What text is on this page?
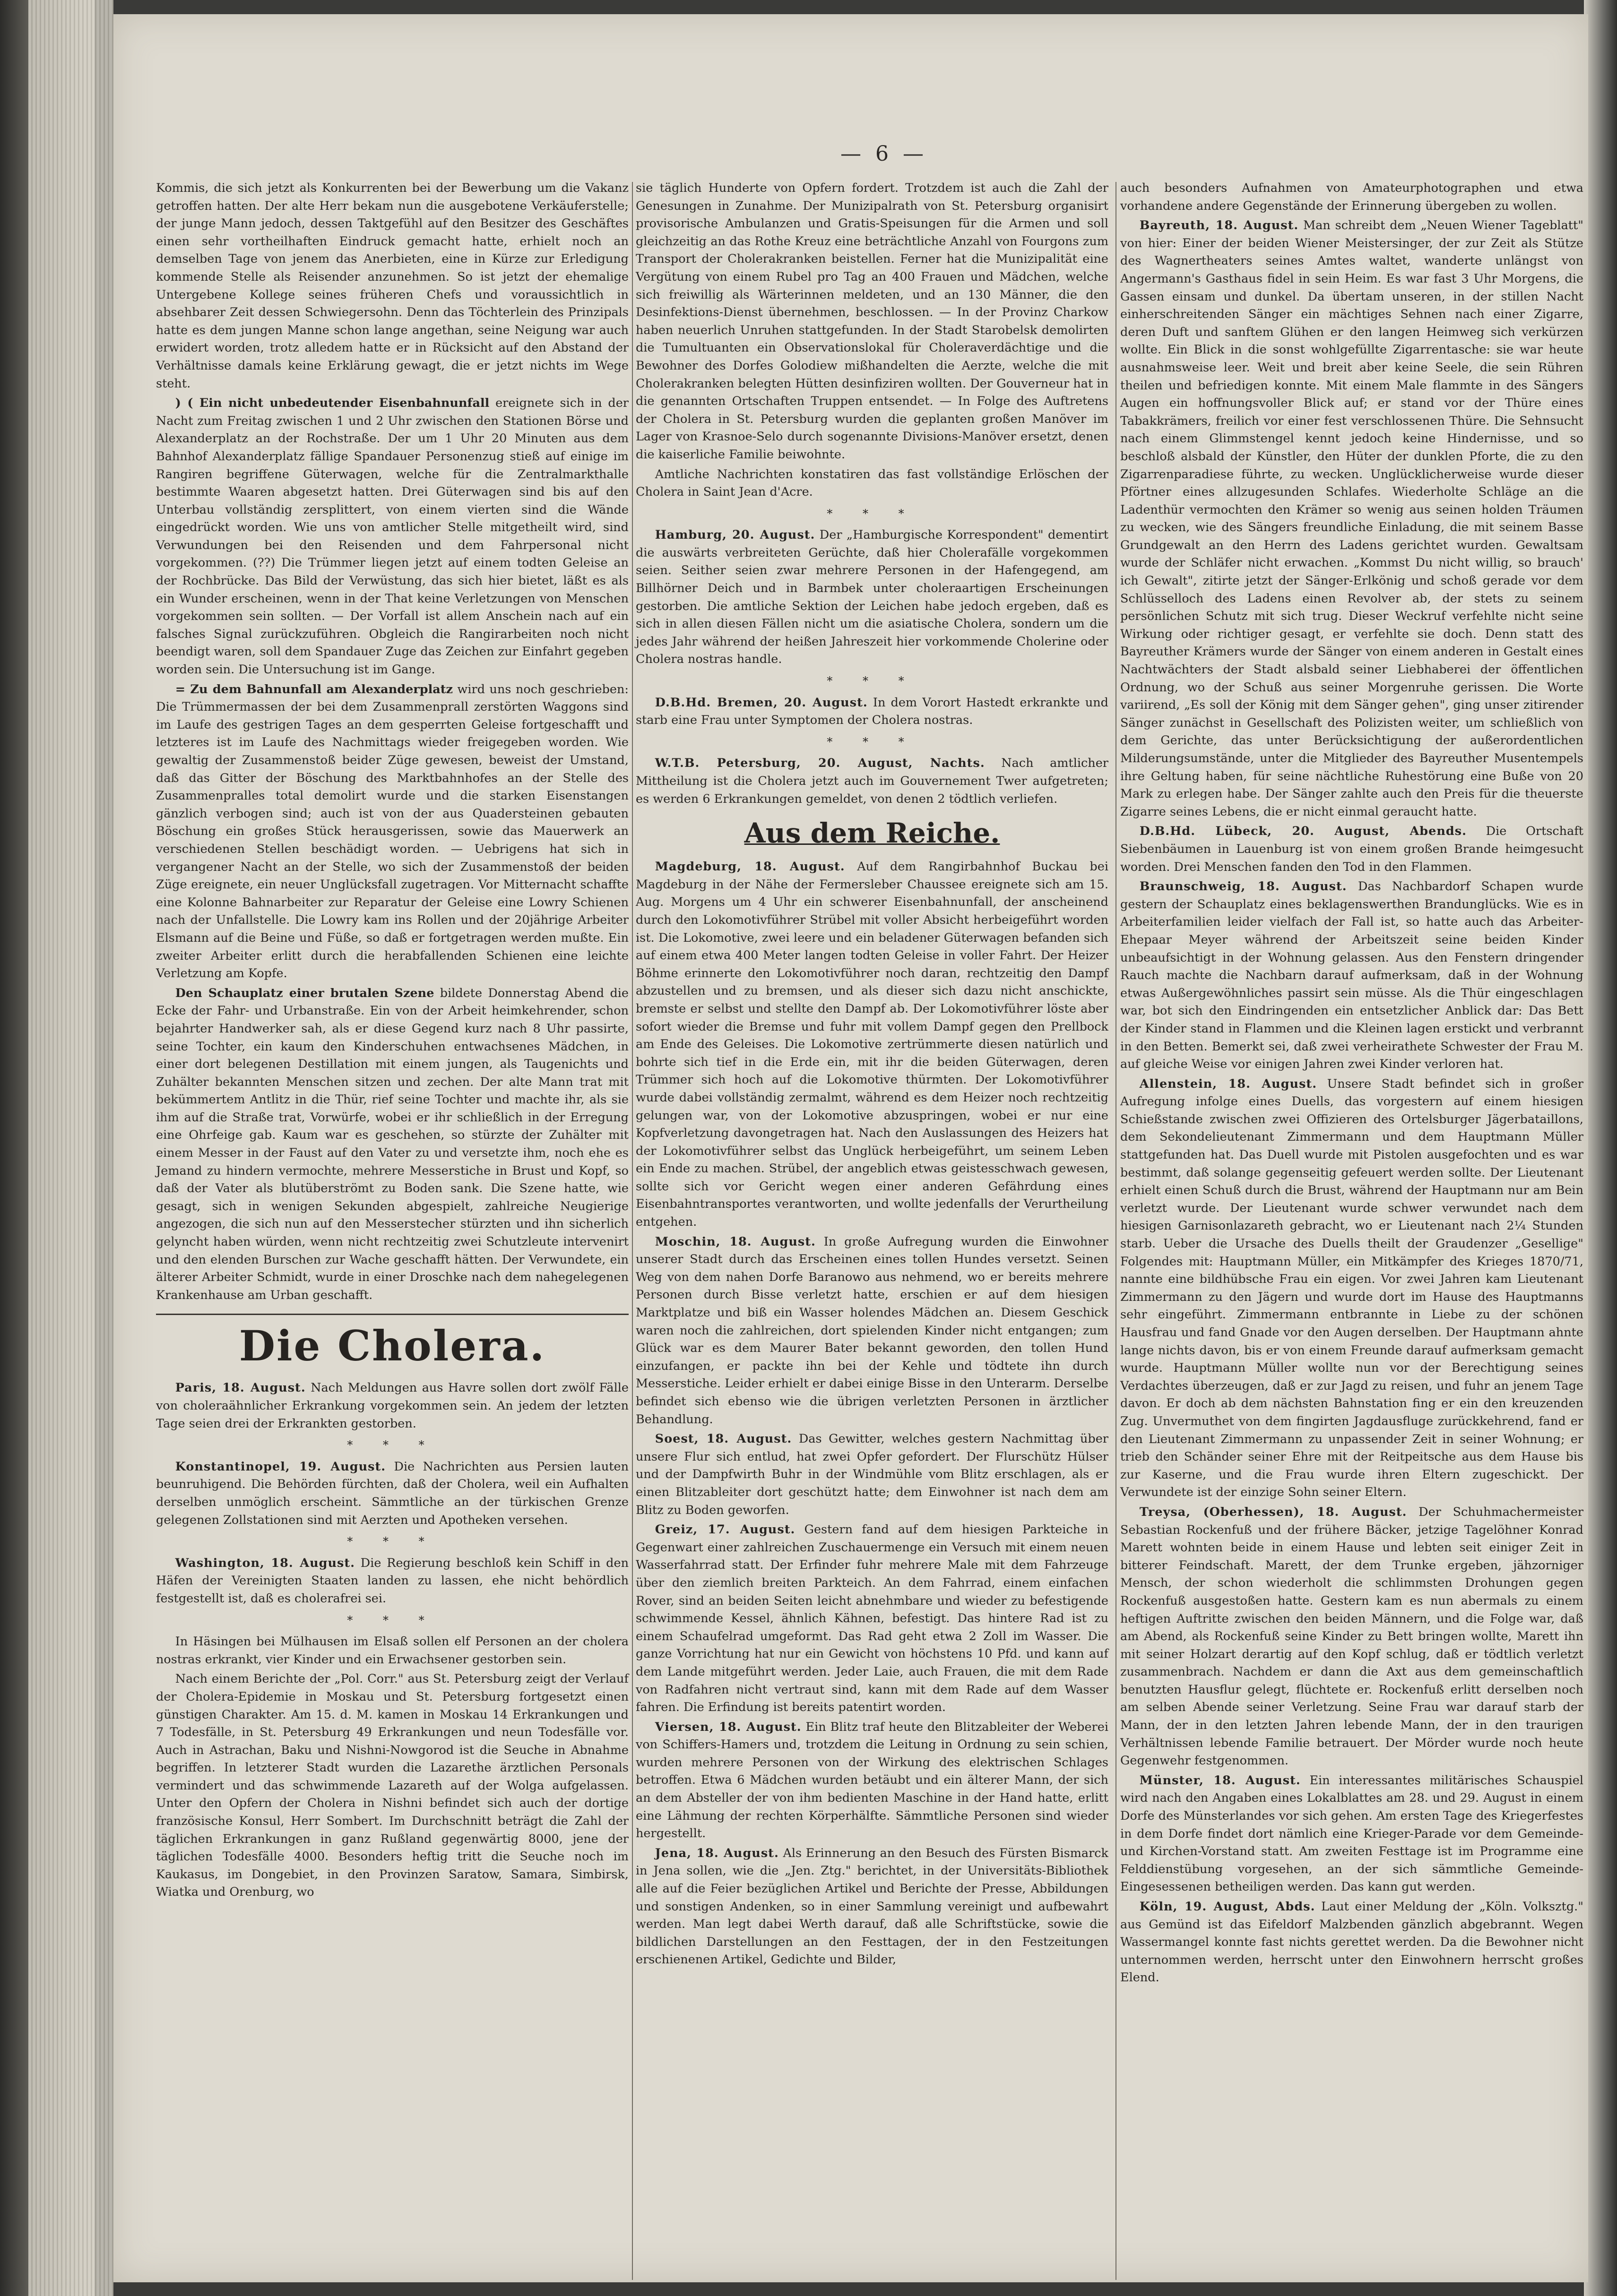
— 6 —

Kommis, die sich jetzt als Konkurrenten bei der Bewerbung um die Vakanz getroffen hatten. Der alte Herr bekam nun die ausgebotene Verkäuferstelle; der junge Mann jedoch, dessen Taktgefühl auf den Besitzer des Geschäftes einen sehr vortheilhaften Eindruck gemacht hatte, erhielt noch an demselben Tage von jenem das Anerbieten, eine in Kürze zur Erledigung kommende Stelle als Reisender anzunehmen. So ist jetzt der ehemalige Untergebene Kollege seines früheren Chefs und voraussichtlich in absehbarer Zeit dessen Schwiegersohn. Denn das Töchterlein des Prinzipals hatte es dem jungen Manne schon lange angethan, seine Neigung war auch erwidert worden, trotz alledem hatte er in Rücksicht auf den Abstand der Verhältnisse damals keine Erklärung gewagt, die er jetzt nichts im Wege steht.

) ( Ein nicht unbedeutender Eisenbahnunfall ereignete sich in der Nacht zum Freitag zwischen 1 und 2 Uhr zwischen den Stationen Börse und Alexanderplatz an der Rochstraße. Der um 1 Uhr 20 Minuten aus dem Bahnhof Alexanderplatz fällige Spandauer Personenzug stieß auf einige im Rangiren begriffene Güterwagen, welche für die Zentralmarkthalle bestimmte Waaren abgesetzt hatten. Drei Güterwagen sind bis auf den Unterbau vollständig zersplittert, von einem vierten sind die Wände eingedrückt worden. Wie uns von amtlicher Stelle mitgetheilt wird, sind Verwundungen bei den Reisenden und dem Fahrpersonal nicht vorgekommen. (??) Die Trümmer liegen jetzt auf einem todten Geleise an der Rochbrücke. Das Bild der Verwüstung, das sich hier bietet, läßt es als ein Wunder erscheinen, wenn in der That keine Verletzungen von Menschen vorgekommen sein sollten. — Der Vorfall ist allem Anschein nach auf ein falsches Signal zurückzuführen. Obgleich die Rangirarbeiten noch nicht beendigt waren, soll dem Spandauer Zuge das Zeichen zur Einfahrt gegeben worden sein. Die Untersuchung ist im Gange.

= Zu dem Bahnunfall am Alexanderplatz wird uns noch geschrieben: Die Trümmermassen der bei dem Zusammenprall zerstörten Waggons sind im Laufe des gestrigen Tages an dem gesperrten Geleise fortgeschafft und letzteres ist im Laufe des Nachmittags wieder freigegeben worden. Wie gewaltig der Zusammenstoß beider Züge gewesen, beweist der Umstand, daß das Gitter der Böschung des Marktbahnhofes an der Stelle des Zusammenpralles total demolirt wurde und die starken Eisenstangen gänzlich verbogen sind; auch ist von der aus Quadersteinen gebauten Böschung ein großes Stück herausgerissen, sowie das Mauerwerk an verschiedenen Stellen beschädigt worden. — Uebrigens hat sich in vergangener Nacht an der Stelle, wo sich der Zusammenstoß der beiden Züge ereignete, ein neuer Unglücksfall zugetragen. Vor Mitternacht schaffte eine Kolonne Bahnarbeiter zur Reparatur der Geleise eine Lowry Schienen nach der Unfallstelle. Die Lowry kam ins Rollen und der 20jährige Arbeiter Elsmann auf die Beine und Füße, so daß er fortgetragen werden mußte. Ein zweiter Arbeiter erlitt durch die herabfallenden Schienen eine leichte Verletzung am Kopfe.

Den Schauplatz einer brutalen Szene bildete Donnerstag Abend die Ecke der Fahr- und Urbanstraße. Ein von der Arbeit heimkehrender, schon bejahrter Handwerker sah, als er diese Gegend kurz nach 8 Uhr passirte, seine Tochter, ein kaum den Kinderschuhen entwachsenes Mädchen, in einer dort belegenen Destillation mit einem jungen, als Taugenichts und Zuhälter bekannten Menschen sitzen und zechen. Der alte Mann trat mit bekümmertem Antlitz in die Thür, rief seine Tochter und machte ihr, als sie ihm auf die Straße trat, Vorwürfe, wobei er ihr schließlich in der Erregung eine Ohrfeige gab. Kaum war es geschehen, so stürzte der Zuhälter mit einem Messer in der Faust auf den Vater zu und versetzte ihm, noch ehe es Jemand zu hindern vermochte, mehrere Messerstiche in Brust und Kopf, so daß der Vater als blutüberströmt zu Boden sank. Die Szene hatte, wie gesagt, sich in wenigen Sekunden abgespielt, zahlreiche Neugierige angezogen, die sich nun auf den Messerstecher stürzten und ihn sicherlich gelyncht haben würden, wenn nicht rechtzeitig zwei Schutzleute intervenirt und den elenden Burschen zur Wache geschafft hätten. Der Verwundete, ein älterer Arbeiter Schmidt, wurde in einer Droschke nach dem nahegelegenen Krankenhause am Urban geschafft.

Die Cholera.

Paris, 18. August. Nach Meldungen aus Havre sollen dort zwölf Fälle von choleraähnlicher Erkrankung vorgekommen sein. An jedem der letzten Tage seien drei der Erkrankten gestorben.

* * *

Konstantinopel, 19. August. Die Nachrichten aus Persien lauten beunruhigend. Die Behörden fürchten, daß der Cholera, weil ein Aufhalten derselben unmöglich erscheint. Sämmtliche an der türkischen Grenze gelegenen Zollstationen sind mit Aerzten und Apotheken versehen.

* * *

Washington, 18. August. Die Regierung beschloß kein Schiff in den Häfen der Vereinigten Staaten landen zu lassen, ehe nicht behördlich festgestellt ist, daß es cholerafrei sei.

* * *

In Häsingen bei Mülhausen im Elsaß sollen elf Personen an der cholera nostras erkrankt, vier Kinder und ein Erwachsener gestorben sein.

Nach einem Berichte der „Pol. Corr." aus St. Petersburg zeigt der Verlauf der Cholera-Epidemie in Moskau und St. Petersburg fortgesetzt einen günstigen Charakter. Am 15. d. M. kamen in Moskau 14 Erkrankungen und 7 Todesfälle, in St. Petersburg 49 Erkrankungen und neun Todesfälle vor. Auch in Astrachan, Baku und Nishni-Nowgorod ist die Seuche in Abnahme begriffen. In letzterer Stadt wurden die Lazarethe ärztlichen Personals vermindert und das schwimmende Lazareth auf der Wolga aufgelassen. Unter den Opfern der Cholera in Nishni befindet sich auch der dortige französische Konsul, Herr Sombert. Im Durchschnitt beträgt die Zahl der täglichen Erkrankungen in ganz Rußland gegenwärtig 8000, jene der täglichen Todesfälle 4000. Besonders heftig tritt die Seuche noch im Kaukasus, im Dongebiet, in den Provinzen Saratow, Samara, Simbirsk, Wiatka und Orenburg, wo

sie täglich Hunderte von Opfern fordert. Trotzdem ist auch die Zahl der Genesungen in Zunahme. Der Munizipalrath von St. Petersburg organisirt provisorische Ambulanzen und Gratis-Speisungen für die Armen und soll gleichzeitig an das Rothe Kreuz eine beträchtliche Anzahl von Fourgons zum Transport der Cholerakranken beistellen. Ferner hat die Munizipalität eine Vergütung von einem Rubel pro Tag an 400 Frauen und Mädchen, welche sich freiwillig als Wärterinnen meldeten, und an 130 Männer, die den Desinfektions-Dienst übernehmen, beschlossen. — In der Provinz Charkow haben neuerlich Unruhen stattgefunden. In der Stadt Starobelsk demolirten die Tumultuanten ein Observationslokal für Choleraverdächtige und die Bewohner des Dorfes Golodiew mißhandelten die Aerzte, welche die mit Cholerakranken belegten Hütten desinfiziren wollten. Der Gouverneur hat in die genannten Ortschaften Truppen entsendet. — In Folge des Auftretens der Cholera in St. Petersburg wurden die geplanten großen Manöver im Lager von Krasnoe-Selo durch sogenannte Divisions-Manöver ersetzt, denen die kaiserliche Familie beiwohnte.

Amtliche Nachrichten konstatiren das fast vollständige Erlöschen der Cholera in Saint Jean d'Acre.

* * *

Hamburg, 20. August. Der „Hamburgische Korrespondent" dementirt die auswärts verbreiteten Gerüchte, daß hier Cholerafälle vorgekommen seien. Seither seien zwar mehrere Personen in der Hafengegend, am Billhörner Deich und in Barmbek unter choleraartigen Erscheinungen gestorben. Die amtliche Sektion der Leichen habe jedoch ergeben, daß es sich in allen diesen Fällen nicht um die asiatische Cholera, sondern um die jedes Jahr während der heißen Jahreszeit hier vorkommende Cholerine oder Cholera nostras handle.

* * *

D.B.Hd. Bremen, 20. August. In dem Vorort Hastedt erkrankte und starb eine Frau unter Symptomen der Cholera nostras.

* * *

W.T.B. Petersburg, 20. August, Nachts. Nach amtlicher Mittheilung ist die Cholera jetzt auch im Gouvernement Twer aufgetreten; es werden 6 Erkrankungen gemeldet, von denen 2 tödtlich verliefen.

Aus dem Reiche.

Magdeburg, 18. August. Auf dem Rangirbahnhof Buckau bei Magdeburg in der Nähe der Fermersleber Chaussee ereignete sich am 15. Aug. Morgens um 4 Uhr ein schwerer Eisenbahnunfall, der anscheinend durch den Lokomotivführer Strübel mit voller Absicht herbeigeführt worden ist. Die Lokomotive, zwei leere und ein beladener Güterwagen befanden sich auf einem etwa 400 Meter langen todten Geleise in voller Fahrt. Der Heizer Böhme erinnerte den Lokomotivführer noch daran, rechtzeitig den Dampf abzustellen und zu bremsen, und als dieser sich dazu nicht anschickte, bremste er selbst und stellte den Dampf ab. Der Lokomotivführer löste aber sofort wieder die Bremse und fuhr mit vollem Dampf gegen den Prellbock am Ende des Geleises. Die Lokomotive zertrümmerte diesen natürlich und bohrte sich tief in die Erde ein, mit ihr die beiden Güterwagen, deren Trümmer sich hoch auf die Lokomotive thürmten. Der Lokomotivführer wurde dabei vollständig zermalmt, während es dem Heizer noch rechtzeitig gelungen war, von der Lokomotive abzuspringen, wobei er nur eine Kopfverletzung davongetragen hat. Nach den Auslassungen des Heizers hat der Lokomotivführer selbst das Unglück herbeigeführt, um seinem Leben ein Ende zu machen. Strübel, der angeblich etwas geistesschwach gewesen, sollte sich vor Gericht wegen einer anderen Gefährdung eines Eisenbahntransportes verantworten, und wollte jedenfalls der Verurtheilung entgehen.

Moschin, 18. August. In große Aufregung wurden die Einwohner unserer Stadt durch das Erscheinen eines tollen Hundes versetzt. Seinen Weg von dem nahen Dorfe Baranowo aus nehmend, wo er bereits mehrere Personen durch Bisse verletzt hatte, erschien er auf dem hiesigen Marktplatze und biß ein Wasser holendes Mädchen an. Diesem Geschick waren noch die zahlreichen, dort spielenden Kinder nicht entgangen; zum Glück war es dem Maurer Bater bekannt geworden, den tollen Hund einzufangen, er packte ihn bei der Kehle und tödtete ihn durch Messerstiche. Leider erhielt er dabei einige Bisse in den Unterarm. Derselbe befindet sich ebenso wie die übrigen verletzten Personen in ärztlicher Behandlung.

Soest, 18. August. Das Gewitter, welches gestern Nachmittag über unsere Flur sich entlud, hat zwei Opfer gefordert. Der Flurschütz Hülser und der Dampfwirth Buhr in der Windmühle vom Blitz erschlagen, als er einen Blitzableiter dort geschützt hatte; dem Einwohner ist nach dem am Blitz zu Boden geworfen.

Greiz, 17. August. Gestern fand auf dem hiesigen Parkteiche in Gegenwart einer zahlreichen Zuschauermenge ein Versuch mit einem neuen Wasserfahrrad statt. Der Erfinder fuhr mehrere Male mit dem Fahrzeuge über den ziemlich breiten Parkteich. An dem Fahrrad, einem einfachen Rover, sind an beiden Seiten leicht abnehmbare und wieder zu befestigende schwimmende Kessel, ähnlich Kähnen, befestigt. Das hintere Rad ist zu einem Schaufelrad umgeformt. Das Rad geht etwa 2 Zoll im Wasser. Die ganze Vorrichtung hat nur ein Gewicht von höchstens 10 Pfd. und kann auf dem Lande mitgeführt werden. Jeder Laie, auch Frauen, die mit dem Rade von Radfahren nicht vertraut sind, kann mit dem Rade auf dem Wasser fahren. Die Erfindung ist bereits patentirt worden.

Viersen, 18. August. Ein Blitz traf heute den Blitzableiter der Weberei von Schiffers-Hamers und, trotzdem die Leitung in Ordnung zu sein schien, wurden mehrere Personen von der Wirkung des elektrischen Schlages betroffen. Etwa 6 Mädchen wurden betäubt und ein älterer Mann, der sich an dem Absteller der von ihm bedienten Maschine in der Hand hatte, erlitt eine Lähmung der rechten Körperhälfte. Sämmtliche Personen sind wieder hergestellt.

Jena, 18. August. Als Erinnerung an den Besuch des Fürsten Bismarck in Jena sollen, wie die „Jen. Ztg." berichtet, in der Universitäts-Bibliothek alle auf die Feier bezüglichen Artikel und Berichte der Presse, Abbildungen und sonstigen Andenken, so in einer Sammlung vereinigt und aufbewahrt werden. Man legt dabei Werth darauf, daß alle Schriftstücke, sowie die bildlichen Darstellungen an den Festtagen, der in den Festzeitungen erschienenen Artikel, Gedichte und Bilder,

auch besonders Aufnahmen von Amateurphotographen und etwa vorhandene andere Gegenstände der Erinnerung übergeben zu wollen.

Bayreuth, 18. August. Man schreibt dem „Neuen Wiener Tageblatt" von hier: Einer der beiden Wiener Meistersinger, der zur Zeit als Stütze des Wagnertheaters seines Amtes waltet, wanderte unlängst von Angermann's Gasthaus fidel in sein Heim. Es war fast 3 Uhr Morgens, die Gassen einsam und dunkel. Da übertam unseren, in der stillen Nacht einherschreitenden Sänger ein mächtiges Sehnen nach einer Zigarre, deren Duft und sanftem Glühen er den langen Heimweg sich verkürzen wollte. Ein Blick in die sonst wohlgefüllte Zigarrentasche: sie war heute ausnahmsweise leer. Weit und breit aber keine Seele, die sein Rühren theilen und befriedigen konnte. Mit einem Male flammte in des Sängers Augen ein hoffnungsvoller Blick auf; er stand vor der Thüre eines Tabakkrämers, freilich vor einer fest verschlossenen Thüre. Die Sehnsucht nach einem Glimmstengel kennt jedoch keine Hindernisse, und so beschloß alsbald der Künstler, den Hüter der dunklen Pforte, die zu den Zigarrenparadiese führte, zu wecken. Unglücklicherweise wurde dieser Pförtner eines allzugesunden Schlafes. Wiederholte Schläge an die Ladenthür vermochten den Krämer so wenig aus seinen holden Träumen zu wecken, wie des Sängers freundliche Einladung, die mit seinem Basse Grundgewalt an den Herrn des Ladens gerichtet wurden. Gewaltsam wurde der Schläfer nicht erwachen. „Kommst Du nicht willig, so brauch' ich Gewalt", zitirte jetzt der Sänger-Erlkönig und schoß gerade vor dem Schlüsselloch des Ladens einen Revolver ab, der stets zu seinem persönlichen Schutz mit sich trug. Dieser Weckruf verfehlte nicht seine Wirkung oder richtiger gesagt, er verfehlte sie doch. Denn statt des Bayreuther Krämers wurde der Sänger von einem anderen in Gestalt eines Nachtwächters der Stadt alsbald seiner Liebhaberei der öffentlichen Ordnung, wo der Schuß aus seiner Morgenruhe gerissen. Die Worte variirend, „Es soll der König mit dem Sänger gehen", ging unser zitirender Sänger zunächst in Gesellschaft des Polizisten weiter, um schließlich von dem Gerichte, das unter Berücksichtigung der außerordentlichen Milderungsumstände, unter die Mitglieder des Bayreuther Musentempels ihre Geltung haben, für seine nächtliche Ruhestörung eine Buße von 20 Mark zu erlegen habe. Der Sänger zahlte auch den Preis für die theuerste Zigarre seines Lebens, die er nicht einmal geraucht hatte.

D.B.Hd. Lübeck, 20. August, Abends. Die Ortschaft Siebenbäumen in Lauenburg ist von einem großen Brande heimgesucht worden. Drei Menschen fanden den Tod in den Flammen.

Braunschweig, 18. August. Das Nachbardorf Schapen wurde gestern der Schauplatz eines beklagenswerthen Brandunglücks. Wie es in Arbeiterfamilien leider vielfach der Fall ist, so hatte auch das Arbeiter-Ehepaar Meyer während der Arbeitszeit seine beiden Kinder unbeaufsichtigt in der Wohnung gelassen. Aus den Fenstern dringender Rauch machte die Nachbarn darauf aufmerksam, daß in der Wohnung etwas Außergewöhnliches passirt sein müsse. Als die Thür eingeschlagen war, bot sich den Eindringenden ein entsetzlicher Anblick dar: Das Bett der Kinder stand in Flammen und die Kleinen lagen erstickt und verbrannt in den Betten. Bemerkt sei, daß zwei verheirathete Schwester der Frau M. auf gleiche Weise vor einigen Jahren zwei Kinder verloren hat.

Allenstein, 18. August. Unsere Stadt befindet sich in großer Aufregung infolge eines Duells, das vorgestern auf einem hiesigen Schießstande zwischen zwei Offizieren des Ortelsburger Jägerbataillons, dem Sekondelieutenant Zimmermann und dem Hauptmann Müller stattgefunden hat. Das Duell wurde mit Pistolen ausgefochten und es war bestimmt, daß solange gegenseitig gefeuert werden sollte. Der Lieutenant erhielt einen Schuß durch die Brust, während der Hauptmann nur am Bein verletzt wurde. Der Lieutenant wurde schwer verwundet nach dem hiesigen Garnisonlazareth gebracht, wo er Lieutenant nach 2¼ Stunden starb. Ueber die Ursache des Duells theilt der Graudenzer „Gesellige" Folgendes mit: Hauptmann Müller, ein Mitkämpfer des Krieges 1870/71, nannte eine bildhübsche Frau ein eigen. Vor zwei Jahren kam Lieutenant Zimmermann zu den Jägern und wurde dort im Hause des Hauptmanns sehr eingeführt. Zimmermann entbrannte in Liebe zu der schönen Hausfrau und fand Gnade vor den Augen derselben. Der Hauptmann ahnte lange nichts davon, bis er von einem Freunde darauf aufmerksam gemacht wurde. Hauptmann Müller wollte nun vor der Berechtigung seines Verdachtes überzeugen, daß er zur Jagd zu reisen, und fuhr an jenem Tage davon. Er doch ab dem nächsten Bahnstation fing er ein den kreuzenden Zug. Unvermuthet von dem fingirten Jagdausfluge zurückkehrend, fand er den Lieutenant Zimmermann zu unpassender Zeit in seiner Wohnung; er trieb den Schänder seiner Ehre mit der Reitpeitsche aus dem Hause bis zur Kaserne, und die Frau wurde ihren Eltern zugeschickt. Der Verwundete ist der einzige Sohn seiner Eltern.

Treysa, (Oberhessen), 18. August. Der Schuhmachermeister Sebastian Rockenfuß und der frühere Bäcker, jetzige Tagelöhner Konrad Marett wohnten beide in einem Hause und lebten seit einiger Zeit in bitterer Feindschaft. Marett, der dem Trunke ergeben, jähzorniger Mensch, der schon wiederholt die schlimmsten Drohungen gegen Rockenfuß ausgestoßen hatte. Gestern kam es nun abermals zu einem heftigen Auftritte zwischen den beiden Männern, und die Folge war, daß am Abend, als Rockenfuß seine Kinder zu Bett bringen wollte, Marett ihn mit seiner Holzart derartig auf den Kopf schlug, daß er tödtlich verletzt zusammenbrach. Nachdem er dann die Axt aus dem gemeinschaftlich benutzten Hausflur gelegt, flüchtete er. Rockenfuß erlitt derselben noch am selben Abende seiner Verletzung. Seine Frau war darauf starb der Mann, der in den letzten Jahren lebende Mann, der in den traurigen Verhältnissen lebende Familie betrauert. Der Mörder wurde noch heute Gegenwehr festgenommen.

Münster, 18. August. Ein interessantes militärisches Schauspiel wird nach den Angaben eines Lokalblattes am 28. und 29. August in einem Dorfe des Münsterlandes vor sich gehen. Am ersten Tage des Kriegerfestes in dem Dorfe findet dort nämlich eine Krieger-Parade vor dem Gemeinde- und Kirchen-Vorstand statt. Am zweiten Festtage ist im Programme eine Felddienstübung vorgesehen, an der sich sämmtliche Gemeinde-Eingesessenen betheiligen werden. Das kann gut werden.

Köln, 19. August, Abds. Laut einer Meldung der „Köln. Volksztg." aus Gemünd ist das Eifeldorf Malzbenden gänzlich abgebrannt. Wegen Wassermangel konnte fast nichts gerettet werden. Da die Bewohner nicht unternommen werden, herrscht unter den Einwohnern herrscht großes Elend.
